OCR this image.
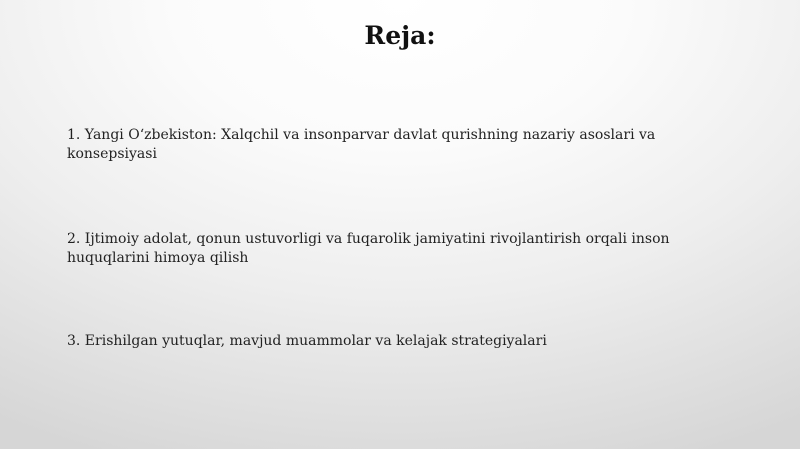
Reja:
1. Yangi O‘zbekiston: Xalqchil va insonparvar davlat qurishning nazariy asoslari va konsepsiyasi
2. Ijtimoiy adolat, qonun ustuvorligi va fuqarolik jamiyatini rivojlantirish orqali inson huquqlarini himoya qilish
3. Erishilgan yutuqlar, mavjud muammolar va kelajak strategiyalari
